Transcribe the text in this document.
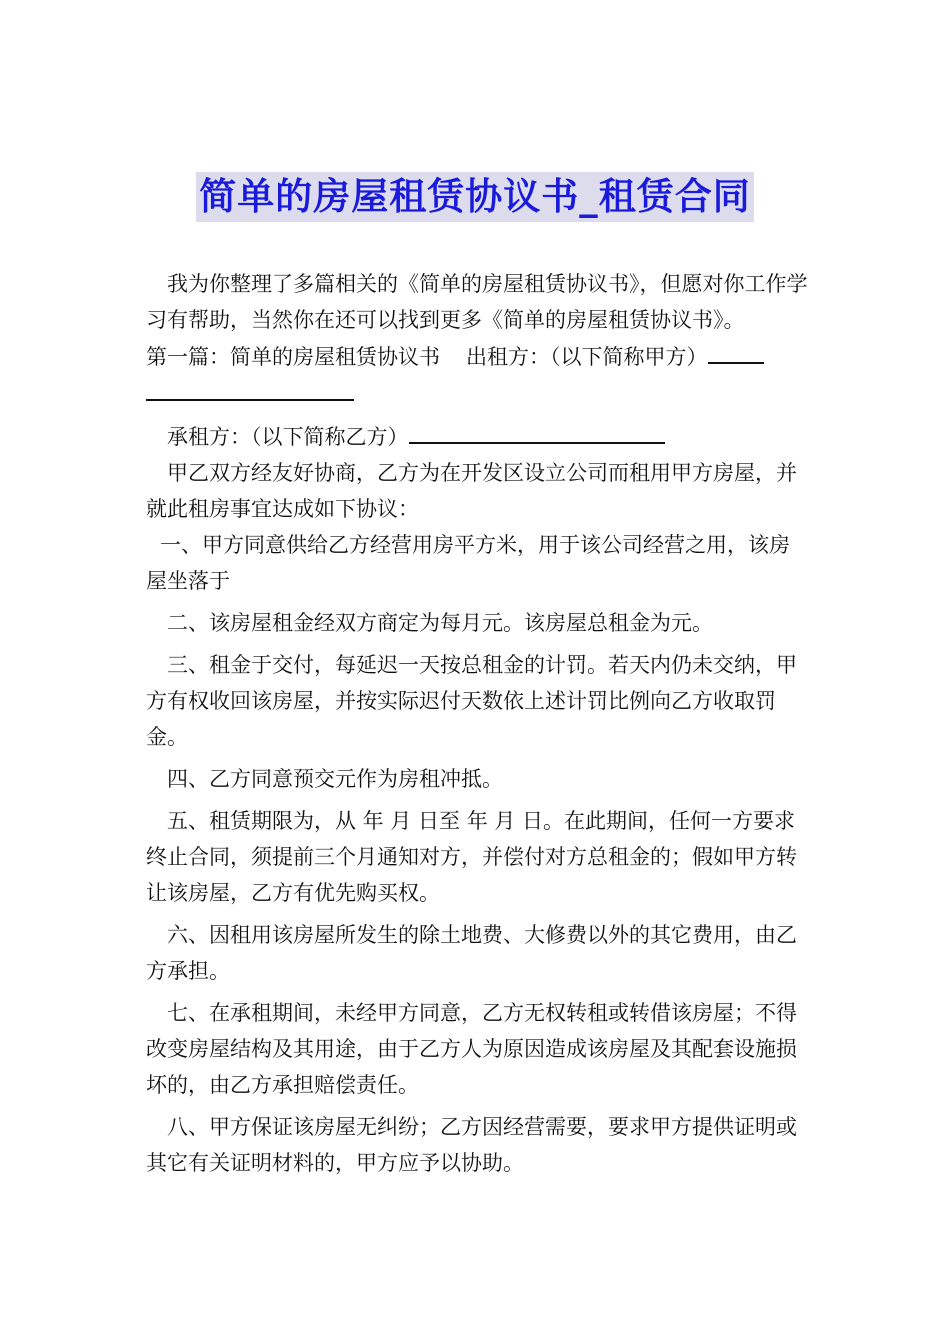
简单的房屋租赁协议书_租赁合同

我为你整理了多篇相关的《简单的房屋租赁协议书》，但愿对你工作学习有帮助，当然你在还可以找到更多《简单的房屋租赁协议书》。

第一篇：简单的房屋租赁协议书 出租方：（以下简称甲方）

承租方：（以下简称乙方）

甲乙双方经友好协商，乙方为在开发区设立公司而租用甲方房屋，并就此租房事宜达成如下协议：

一、甲方同意供给乙方经营用房平方米，用于该公司经营之用，该房屋坐落于

二、该房屋租金经双方商定为每月元。该房屋总租金为元。

三、租金于交付，每延迟一天按总租金的计罚。若天内仍未交纳，甲方有权收回该房屋，并按实际迟付天数依上述计罚比例向乙方收取罚金。

四、乙方同意预交元作为房租冲抵。

五、租赁期限为，从 年 月 日至 年 月 日。在此期间，任何一方要求终止合同，须提前三个月通知对方，并偿付对方总租金的；假如甲方转让该房屋，乙方有优先购买权。

六、因租用该房屋所发生的除土地费、大修费以外的其它费用，由乙方承担。

七、在承租期间，未经甲方同意，乙方无权转租或转借该房屋；不得改变房屋结构及其用途，由于乙方人为原因造成该房屋及其配套设施损坏的，由乙方承担赔偿责任。

八、甲方保证该房屋无纠纷；乙方因经营需要，要求甲方提供证明或其它有关证明材料的，甲方应予以协助。
